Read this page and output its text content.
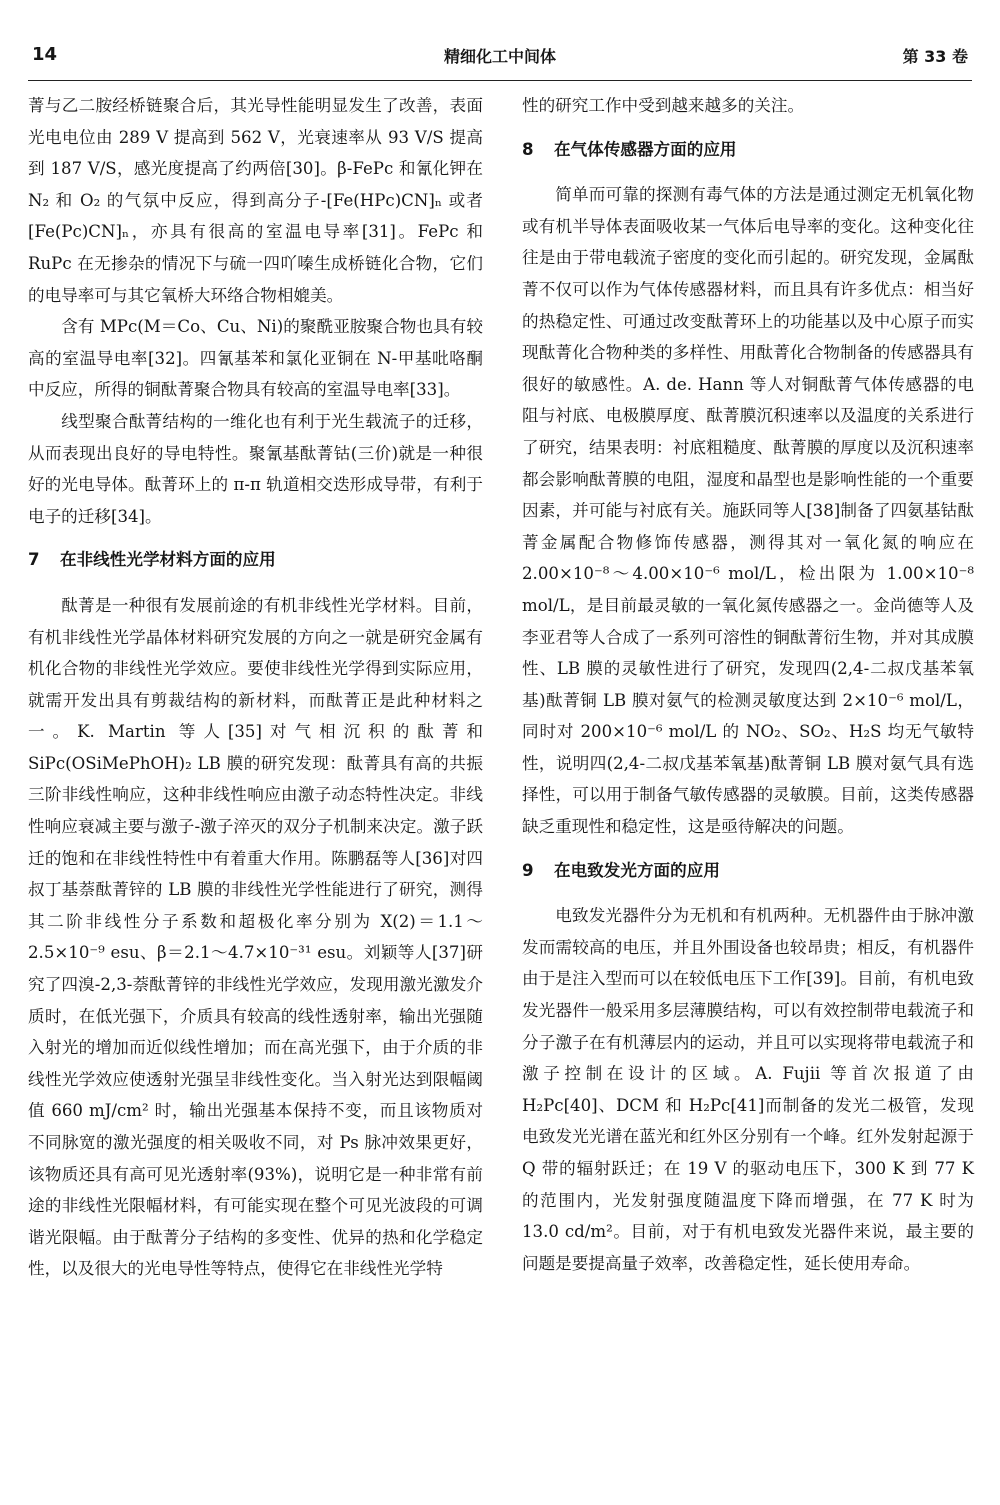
14	精细化工中间体	第 33 卷

菁与乙二胺经桥链聚合后，其光导性能明显发生了改善，表面光电电位由 289 V 提高到 562 V，光衰速率从 93 V/S 提高到 187 V/S，感光度提高了约两倍[30]。β-FePc 和氰化钾在 N₂ 和 O₂ 的气氛中反应，得到高分子-[Fe(HPc)CN]ₙ 或者[Fe(Pc)CN]ₙ，亦具有很高的室温电导率[31]。FePc 和 RuPc 在无掺杂的情况下与硫一四吖嗪生成桥链化合物，它们的电导率可与其它氧桥大环络合物相媲美。

含有 MPc(M＝Co、Cu、Ni)的聚酰亚胺聚合物也具有较高的室温导电率[32]。四氰基苯和氯化亚铜在 N-甲基吡咯酮中反应，所得的铜酞菁聚合物具有较高的室温导电率[33]。

线型聚合酞菁结构的一维化也有利于光生载流子的迁移，从而表现出良好的导电特性。聚氰基酞菁钴(三价)就是一种很好的光电导体。酞菁环上的 π-π 轨道相交迭形成导带，有利于电子的迁移[34]。

7 在非线性光学材料方面的应用

酞菁是一种很有发展前途的有机非线性光学材料。目前，有机非线性光学晶体材料研究发展的方向之一就是研究金属有机化合物的非线性光学效应。要使非线性光学得到实际应用，就需开发出具有剪裁结构的新材料，而酞菁正是此种材料之一。K. Martin 等人[35]对气相沉积的酞菁和 SiPc(OSiMePhOH)₂ LB 膜的研究发现：酞菁具有高的共振三阶非线性响应，这种非线性响应由激子动态特性决定。非线性响应衰减主要与激子-激子淬灭的双分子机制来决定。激子跃迁的饱和在非线性特性中有着重大作用。陈鹏磊等人[36]对四叔丁基萘酞菁锌的 LB 膜的非线性光学性能进行了研究，测得其二阶非线性分子系数和超极化率分别为 X(2)＝1.1～2.5×10⁻⁹ esu、β＝2.1～4.7×10⁻³¹ esu。刘颖等人[37]研究了四溴-2,3-萘酞菁锌的非线性光学效应，发现用激光激发介质时，在低光强下，介质具有较高的线性透射率，输出光强随入射光的增加而近似线性增加；而在高光强下，由于介质的非线性光学效应使透射光强呈非线性变化。当入射光达到限幅阈值 660 mJ/cm² 时，输出光强基本保持不变，而且该物质对不同脉宽的激光强度的相关吸收不同，对 Ps 脉冲效果更好，该物质还具有高可见光透射率(93%)，说明它是一种非常有前途的非线性光限幅材料，有可能实现在整个可见光波段的可调谐光限幅。由于酞菁分子结构的多变性、优异的热和化学稳定性，以及很大的光电导性等特点，使得它在非线性光学特

性的研究工作中受到越来越多的关注。

8 在气体传感器方面的应用

简单而可靠的探测有毒气体的方法是通过测定无机氧化物或有机半导体表面吸收某一气体后电导率的变化。这种变化往往是由于带电载流子密度的变化而引起的。研究发现，金属酞菁不仅可以作为气体传感器材料，而且具有许多优点：相当好的热稳定性、可通过改变酞菁环上的功能基以及中心原子而实现酞菁化合物种类的多样性、用酞菁化合物制备的传感器具有很好的敏感性。A. de. Hann 等人对铜酞菁气体传感器的电阻与衬底、电极膜厚度、酞菁膜沉积速率以及温度的关系进行了研究，结果表明：衬底粗糙度、酞菁膜的厚度以及沉积速率都会影响酞菁膜的电阻，湿度和晶型也是影响性能的一个重要因素，并可能与衬底有关。施跃同等人[38]制备了四氨基钴酞菁金属配合物修饰传感器，测得其对一氧化氮的响应在 2.00×10⁻⁸～4.00×10⁻⁶ mol/L，检出限为 1.00×10⁻⁸ mol/L，是目前最灵敏的一氧化氮传感器之一。金尚德等人及李亚君等人合成了一系列可溶性的铜酞菁衍生物，并对其成膜性、LB 膜的灵敏性进行了研究，发现四(2,4-二叔戊基苯氧基)酞菁铜 LB 膜对氨气的检测灵敏度达到 2×10⁻⁶ mol/L，同时对 200×10⁻⁶ mol/L 的 NO₂、SO₂、H₂S 均无气敏特性，说明四(2,4-二叔戊基苯氧基)酞菁铜 LB 膜对氨气具有选择性，可以用于制备气敏传感器的灵敏膜。目前，这类传感器缺乏重现性和稳定性，这是亟待解决的问题。

9 在电致发光方面的应用

电致发光器件分为无机和有机两种。无机器件由于脉冲激发而需较高的电压，并且外围设备也较昂贵；相反，有机器件由于是注入型而可以在较低电压下工作[39]。目前，有机电致发光器件一般采用多层薄膜结构，可以有效控制带电载流子和分子激子在有机薄层内的运动，并且可以实现将带电载流子和激子控制在设计的区域。A. Fujii 等首次报道了由 H₂Pc[40]、DCM 和 H₂Pc[41]而制备的发光二极管，发现电致发光光谱在蓝光和红外区分别有一个峰。红外发射起源于 Q 带的辐射跃迁；在 19 V 的驱动电压下，300 K 到 77 K 的范围内，光发射强度随温度下降而增强，在 77 K 时为 13.0 cd/m²。目前，对于有机电致发光器件来说，最主要的问题是要提高量子效率，改善稳定性，延长使用寿命。
